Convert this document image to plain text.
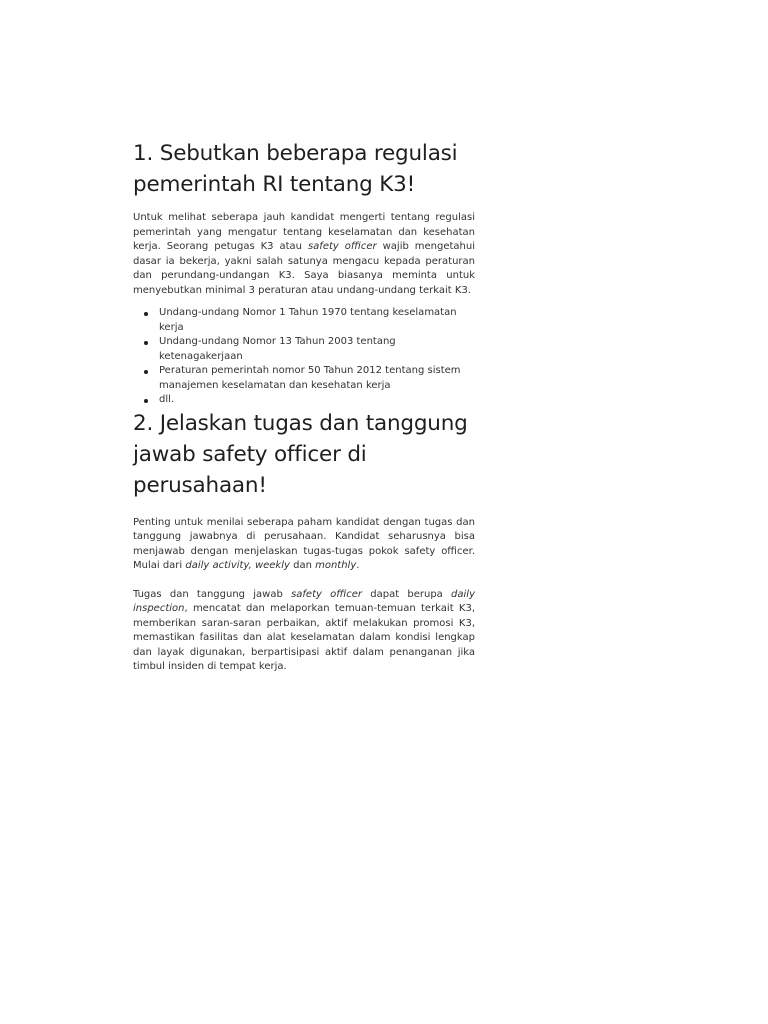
1. Sebutkan beberapa regulasi pemerintah RI tentang K3!

Untuk melihat seberapa jauh kandidat mengerti tentang regulasi pemerintah yang mengatur tentang keselamatan dan kesehatan kerja. Seorang petugas K3 atau safety officer wajib mengetahui dasar ia bekerja, yakni salah satunya mengacu kepada peraturan dan perundang-undangan K3. Saya biasanya meminta untuk menyebutkan minimal 3 peraturan atau undang-undang terkait K3.

Undang-undang Nomor 1 Tahun 1970 tentang keselamatan kerja
Undang-undang Nomor 13 Tahun 2003 tentang ketenagakerjaan
Peraturan pemerintah nomor 50 Tahun 2012 tentang sistem manajemen keselamatan dan kesehatan kerja
dll.
2. Jelaskan tugas dan tanggung jawab safety officer di perusahaan!

Penting untuk menilai seberapa paham kandidat dengan tugas dan tanggung jawabnya di perusahaan. Kandidat seharusnya bisa menjawab dengan menjelaskan tugas-tugas pokok safety officer. Mulai dari daily activity, weekly dan monthly.

Tugas dan tanggung jawab safety officer dapat berupa daily inspection, mencatat dan melaporkan temuan-temuan terkait K3, memberikan saran-saran perbaikan, aktif melakukan promosi K3, memastikan fasilitas dan alat keselamatan dalam kondisi lengkap dan layak digunakan, berpartisipasi aktif dalam penanganan jika timbul insiden di tempat kerja.
